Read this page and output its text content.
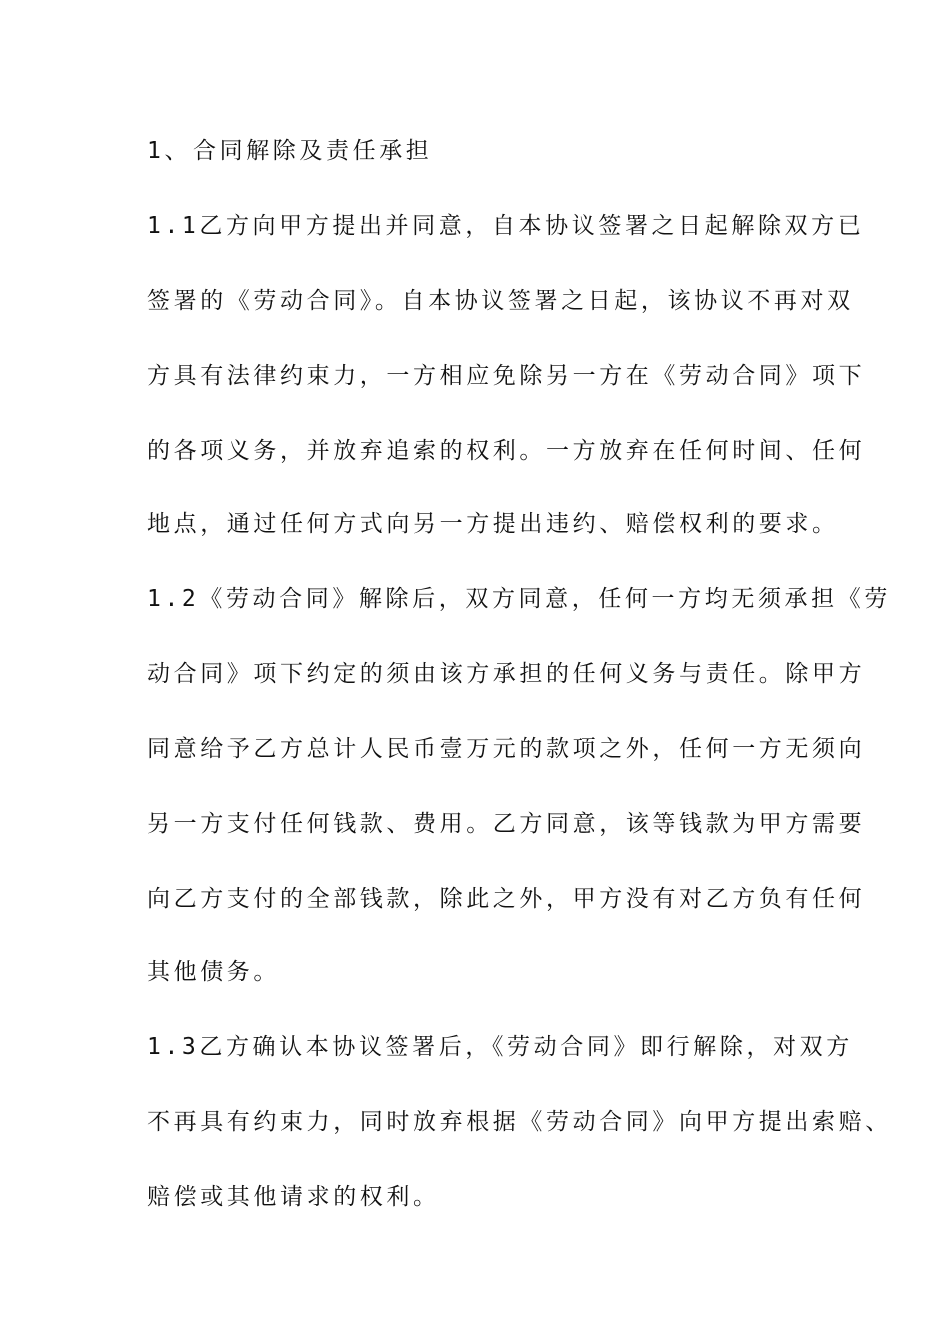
1、合同解除及责任承担
1.1乙方向甲方提出并同意，自本协议签署之日起解除双方已
签署的《劳动合同》。自本协议签署之日起，该协议不再对双
方具有法律约束力，一方相应免除另一方在《劳动合同》项下
的各项义务，并放弃追索的权利。一方放弃在任何时间、任何
地点，通过任何方式向另一方提出违约、赔偿权利的要求。
1.2《劳动合同》解除后，双方同意，任何一方均无须承担《劳
动合同》项下约定的须由该方承担的任何义务与责任。除甲方
同意给予乙方总计人民币壹万元的款项之外，任何一方无须向
另一方支付任何钱款、费用。乙方同意，该等钱款为甲方需要
向乙方支付的全部钱款，除此之外，甲方没有对乙方负有任何
其他债务。
1.3乙方确认本协议签署后，《劳动合同》即行解除，对双方
不再具有约束力，同时放弃根据《劳动合同》向甲方提出索赔、
赔偿或其他请求的权利。
